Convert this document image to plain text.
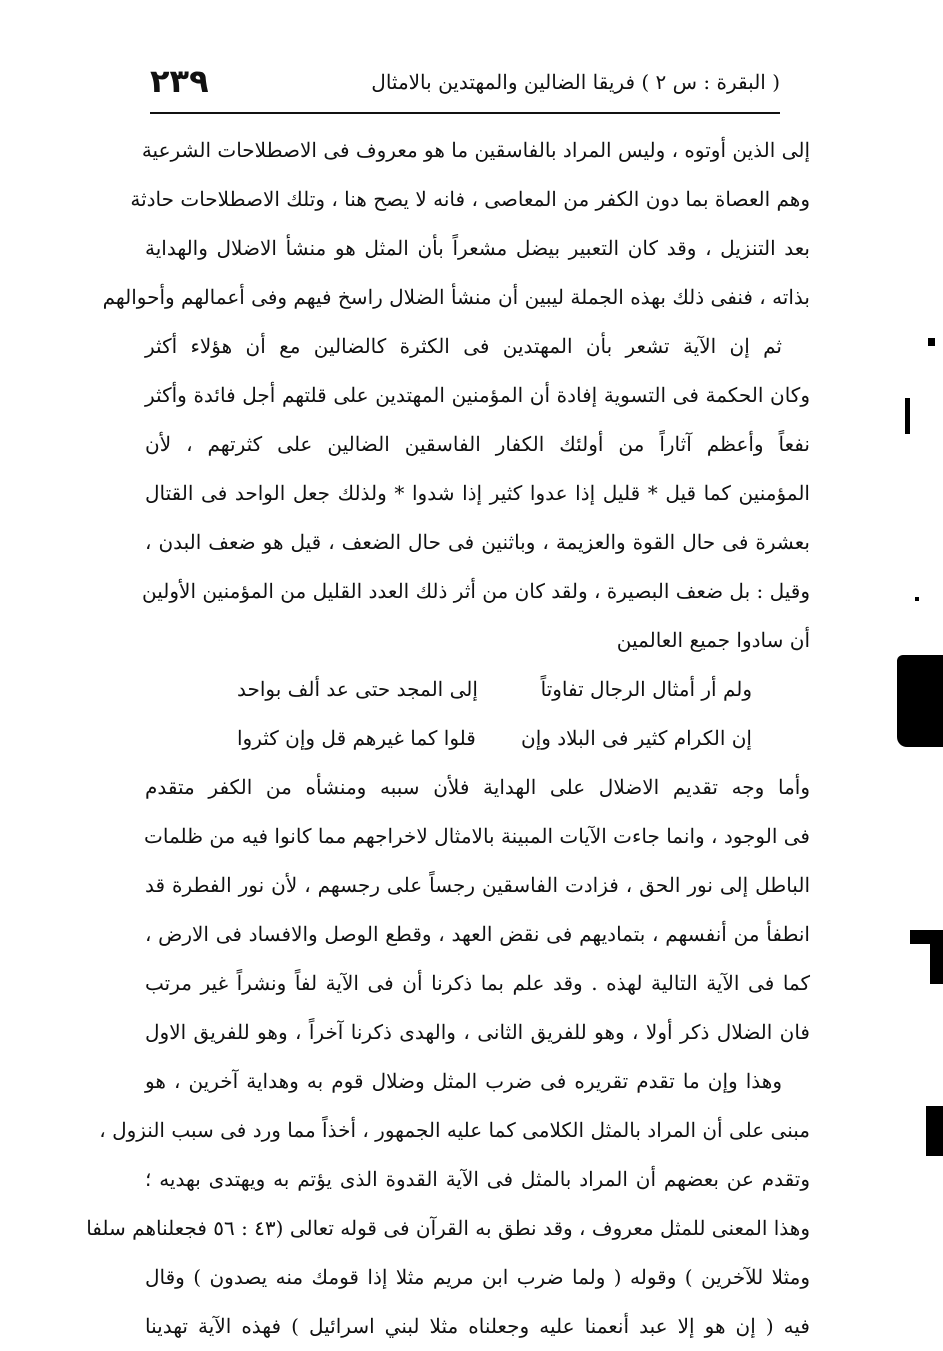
٢٣٩	( البقرة : س ٢ ) فريقا الضالين والمهتدين بالامثال
إلى الذين أوتوه ، وليس المراد بالفاسقين ما هو معروف فى الاصطلاحات الشرعية
وهم العصاة بما دون الكفر من المعاصى ، فانه لا يصح هنا ، وتلك الاصطلاحات حادثة
بعد التنزيل ، وقد كان التعبير بيضل مشعراً بأن المثل هو منشأ الاضلال والهداية
بذاته ، فنفى ذلك بهذه الجملة ليبين أن منشأ الضلال راسخ فيهم وفى أعمالهم وأحوالهم
ثم إن الآية تشعر بأن المهتدين فى الكثرة كالضالين مع أن هؤلاء أكثر
وكان الحكمة فى التسوية إفادة أن المؤمنين المهتدين على قلتهم أجل فائدة وأكثر
نفعاً وأعظم آثاراً من أولئك الكفار الفاسقين الضالين على كثرتهم ، لأن
المؤمنين كما قيل * قليل إذا عدوا كثير إذا شدوا * ولذلك جعل الواحد فى القتال
بعشرة فى حال القوة والعزيمة ، وباثنين فى حال الضعف ، قيل هو ضعف البدن ،
وقيل : بل ضعف البصيرة ، ولقد كان من أثر ذلك العدد القليل من المؤمنين الأولين
أن سادوا جميع العالمين
ولم أر أمثال الرجال تفاوتاً
إلى المجد حتى عد ألف بواحد
إن الكرام كثير فى البلاد وإن
قلوا كما غيرهم قل وإن كثروا
وأما وجه تقديم الاضلال على الهداية فلأن سببه ومنشأه من الكفر متقدم
فى الوجود ، وانما جاءت الآيات المبينة بالامثال لاخراجهم مما كانوا فيه من ظلمات
الباطل إلى نور الحق ، فزادت الفاسقين رجساً على رجسهم ، لأن نور الفطرة قد
انطفأ من أنفسهم ، بتماديهم فى نقض العهد ، وقطع الوصل والافساد فى الارض ،
كما فى الآية التالية لهذه . وقد علم بما ذكرنا أن فى الآية لفاً ونشراً غير مرتب
فان الضلال ذكر أولا ، وهو للفريق الثانى ، والهدى ذكرنا آخراً ، وهو للفريق الاول
وهذا وإن ما تقدم تقريره فى ضرب المثل وضلال قوم به وهداية آخرين ، هو
مبنى على أن المراد بالمثل الكلامى كما عليه الجمهور ، أخذاً مما ورد فى سبب النزول ،
وتقدم عن بعضهم أن المراد بالمثل فى الآية القدوة الذى يؤتم به ويهتدى بهديه ؛
وهذا المعنى للمثل معروف ، وقد نطق به القرآن فى قوله تعالى (٤٣ : ٥٦ فجعلناهم سلفا
ومثلا للآخرين ) وقوله ( ولما ضرب ابن مريم مثلا إذا قومك منه يصدون ) وقال
فيه ( إن هو إلا عبد أنعمنا عليه وجعلناه مثلا لبني اسرائيل ) فهذه الآية تهدينا
